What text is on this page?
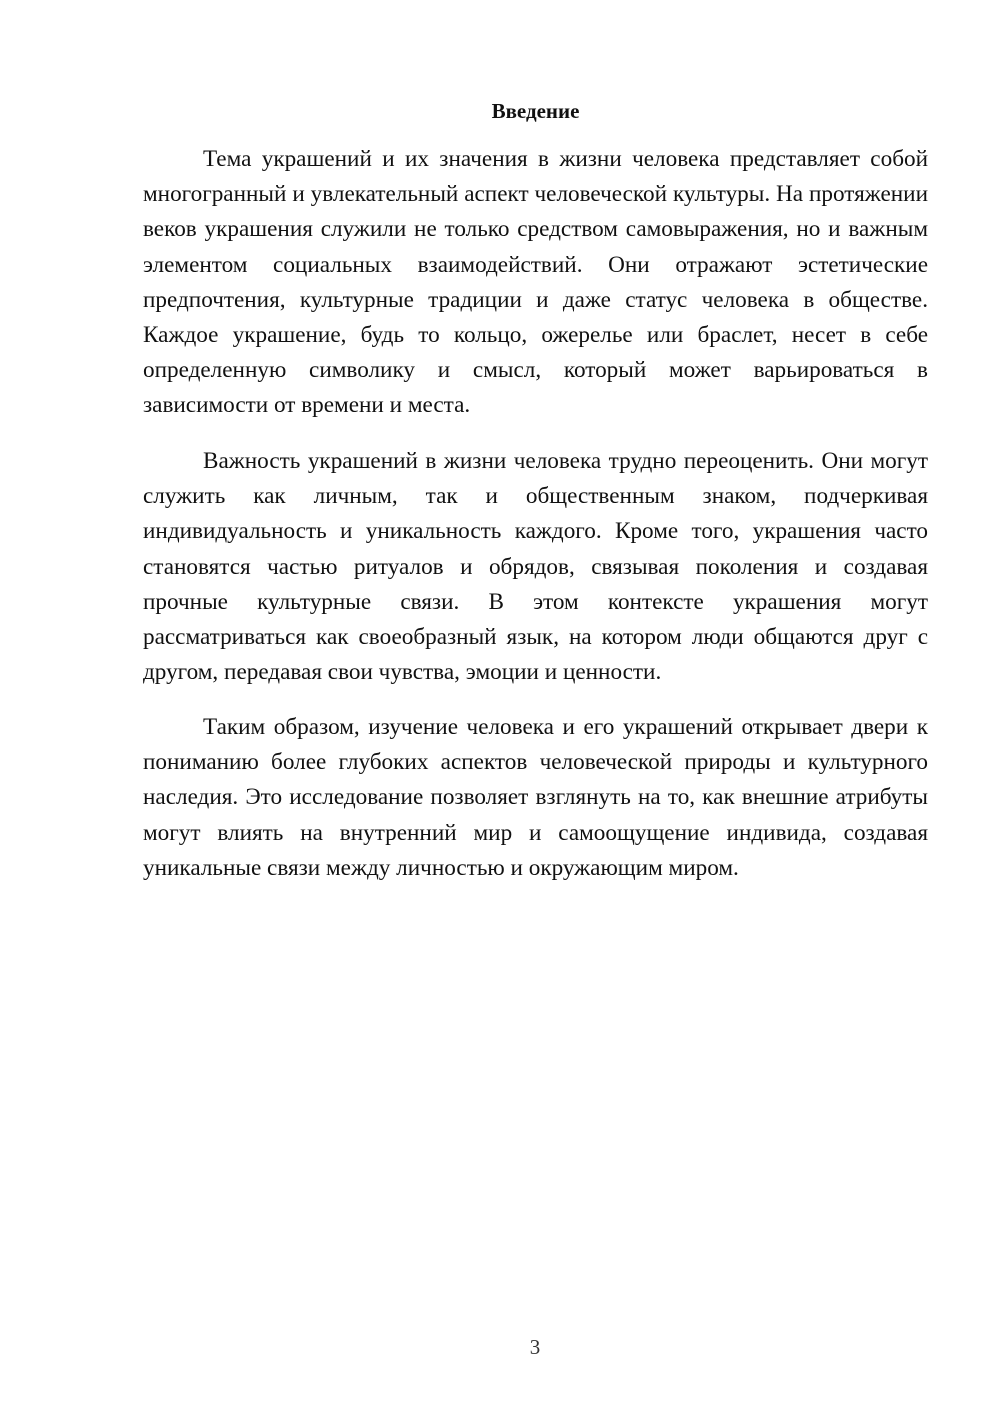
Введение

Тема украшений и их значения в жизни человека представляет собой многогранный и увлекательный аспект человеческой культуры. На протяжении веков украшения служили не только средством самовыражения, но и важным элементом социальных взаимодействий. Они отражают эстетические предпочтения, культурные традиции и даже статус человека в обществе. Каждое украшение, будь то кольцо, ожерелье или браслет, несет в себе определенную символику и смысл, который может варьироваться в зависимости от времени и места.

Важность украшений в жизни человека трудно переоценить. Они могут служить как личным, так и общественным знаком, подчеркивая индивидуальность и уникальность каждого. Кроме того, украшения часто становятся частью ритуалов и обрядов, связывая поколения и создавая прочные культурные связи. В этом контексте украшения могут рассматриваться как своеобразный язык, на котором люди общаются друг с другом, передавая свои чувства, эмоции и ценности.

Таким образом, изучение человека и его украшений открывает двери к пониманию более глубоких аспектов человеческой природы и культурного наследия. Это исследование позволяет взглянуть на то, как внешние атрибуты могут влиять на внутренний мир и самоощущение индивида, создавая уникальные связи между личностью и окружающим миром.

3
